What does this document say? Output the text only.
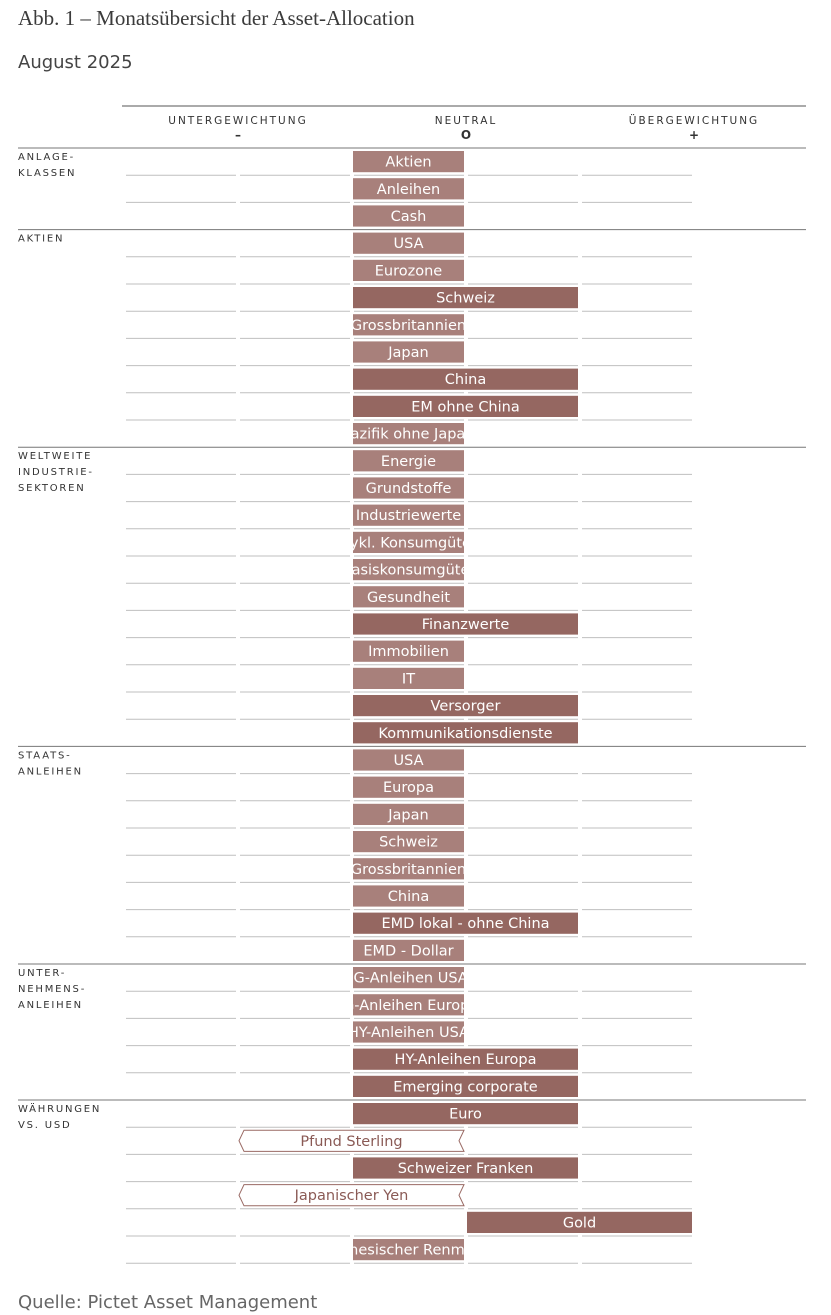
Abb. 1 – Monatsübersicht der Asset-Allocation
August 2025
UNTERGEWICHTUNG
–
NEUTRAL
O
ÜBERGEWICHTUNG
+
ANLAGE-
KLASSEN
Aktien
Anleihen
Cash
AKTIEN	USA
Eurozone
Schweiz
Grossbritannien
Japan
China
EM ohne China
Pazifik ohne Japan
WELTWEITE
INDUSTRIE-
SEKTOREN
Energie
Grundstoffe
Industriewerte
Zykl. Konsumgüter
Basiskonsumgüter
Gesundheit
Finanzwerte
Immobilien
IT
Versorger
Kommunikationsdienste
STAATS-
ANLEIHEN
USA
Europa
Japan
Schweiz
Grossbritannien
China
EMD lokal - ohne China
EMD - Dollar
UNTER-
NEHMENS-
ANLEIHEN
IG-Anleihen USA
IG-Anleihen Europa
HY-Anleihen USA
HY-Anleihen Europa
Emerging corporate
WÄHRUNGEN
VS. USD
Euro
Pfund Sterling
Schweizer Franken
Japanischer Yen
Gold
Chinesischer Renminbi
Quelle: Pictet Asset Management
